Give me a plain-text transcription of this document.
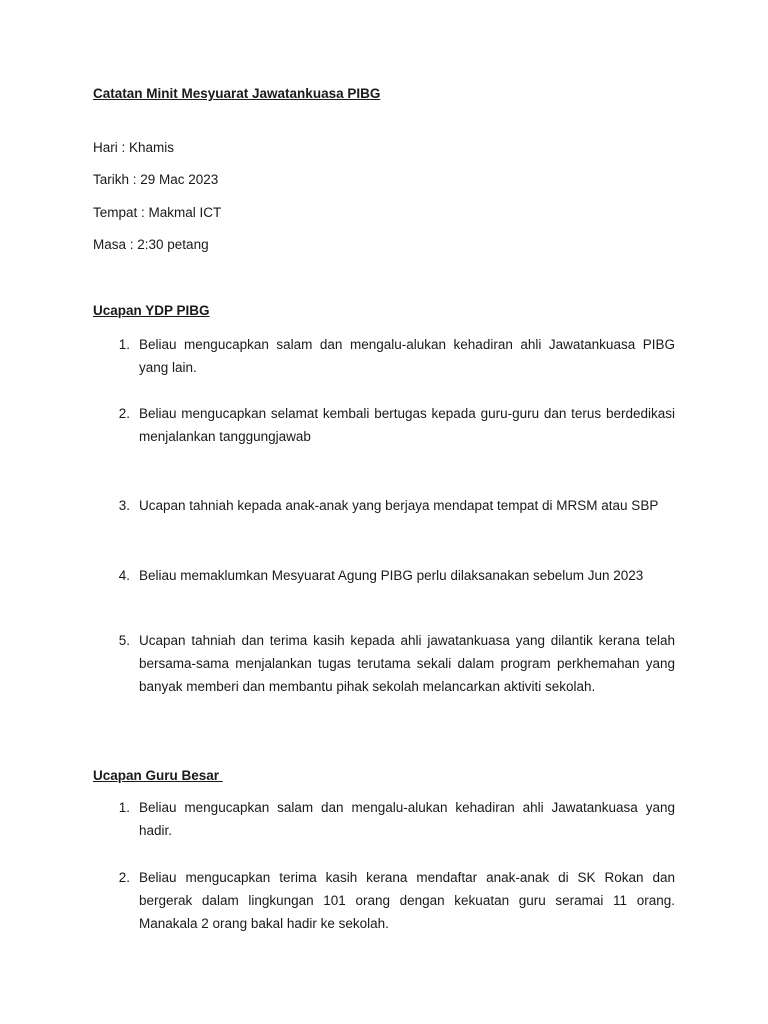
Catatan Minit Mesyuarat Jawatankuasa PIBG
Hari : Khamis
Tarikh : 29 Mac 2023
Tempat : Makmal ICT
Masa : 2:30 petang
Ucapan YDP PIBG
1. Beliau mengucapkan salam dan mengalu-alukan kehadiran ahli Jawatankuasa PIBG yang lain.
2. Beliau mengucapkan selamat kembali bertugas kepada guru-guru dan terus berdedikasi menjalankan tanggungjawab
3. Ucapan tahniah kepada anak-anak yang berjaya mendapat tempat di MRSM atau SBP
4. Beliau memaklumkan Mesyuarat Agung PIBG perlu dilaksanakan sebelum Jun 2023
5. Ucapan tahniah dan terima kasih kepada ahli jawatankuasa yang dilantik kerana telah bersama-sama menjalankan tugas terutama sekali dalam program perkhemahan yang banyak memberi dan membantu pihak sekolah melancarkan aktiviti sekolah.
Ucapan Guru Besar
1. Beliau mengucapkan salam dan mengalu-alukan kehadiran ahli Jawatankuasa yang hadir.
2. Beliau mengucapkan terima kasih kerana mendaftar anak-anak di SK Rokan dan bergerak dalam lingkungan 101 orang dengan kekuatan guru seramai 11 orang. Manakala 2 orang bakal hadir ke sekolah.
